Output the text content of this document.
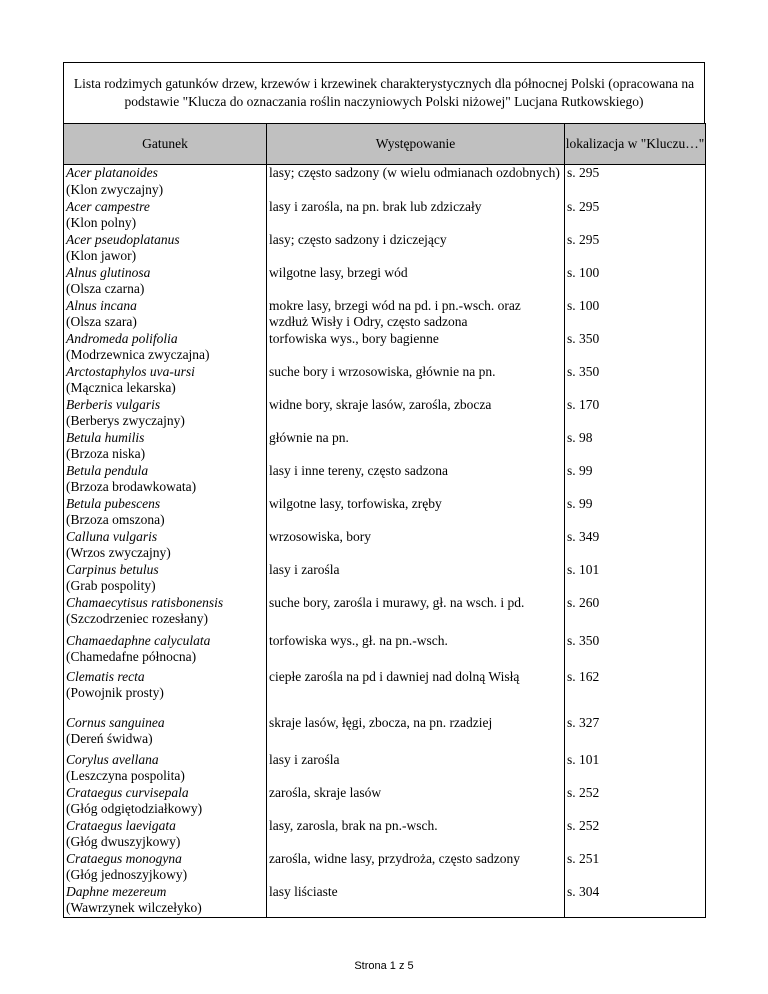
Lista rodzimych gatunków drzew, krzewów i krzewinek charakterystycznych dla północnej Polski (opracowana na podstawie "Klucza do oznaczania roślin naczyniowych Polski niżowej" Lucjana Rutkowskiego)
Gatunek	Występowanie	lokalizacja w "Kluczu…"

Acer platanoides
(Klon zwyczajny)	lasy; często sadzony (w wielu odmianach ozdobnych)	s. 295

Acer campestre
(Klon polny)	lasy i zarośla, na pn. brak lub zdziczały	s. 295

Acer pseudoplatanus
(Klon jawor)	lasy; często sadzony i dziczejący	s. 295

Alnus glutinosa
(Olsza czarna)	wilgotne lasy, brzegi wód	s. 100

Alnus incana
(Olsza szara)	mokre lasy, brzegi wód na pd. i pn.-wsch. oraz wzdłuż Wisły i Odry, często sadzona	s. 100

Andromeda polifolia
(Modrzewnica zwyczajna)	torfowiska wys., bory bagienne	s. 350

Arctostaphylos uva-ursi
(Mącznica lekarska)	suche bory i wrzosowiska, głównie na pn.	s. 350

Berberis vulgaris
(Berberys zwyczajny)	widne bory, skraje lasów, zarośla, zbocza	s. 170

Betula humilis
(Brzoza niska)	głównie na pn.	s. 98

Betula pendula
(Brzoza brodawkowata)	lasy i inne tereny, często sadzona	s. 99

Betula pubescens
(Brzoza omszona)	wilgotne lasy, torfowiska, zręby	s. 99

Calluna vulgaris
(Wrzos zwyczajny)	wrzosowiska, bory	s. 349

Carpinus betulus
(Grab pospolity)	lasy i zarośla	s. 101

Chamaecytisus ratisbonensis
(Szczodrzeniec rozesłany)	suche bory, zarośla i murawy, gł. na wsch. i pd.	s. 260

Chamaedaphne calyculata
(Chamedafne północna)	torfowiska wys., gł. na pn.-wsch.	s. 350

Clematis recta
(Powojnik prosty)	ciepłe zarośla na pd i dawniej nad dolną Wisłą	s. 162

Cornus sanguinea
(Dereń świdwa)	skraje lasów, łęgi, zbocza, na pn. rzadziej	s. 327

Corylus avellana
(Leszczyna pospolita)	lasy i zarośla	s. 101

Crataegus curvisepala
(Głóg odgiętodziałkowy)	zarośla, skraje lasów	s. 252

Crataegus laevigata
(Głóg dwuszyjkowy)	lasy, zarosla, brak na pn.-wsch.	s. 252

Crataegus monogyna
(Głóg jednoszyjkowy)	zarośla, widne lasy, przydroża, często sadzony	s. 251

Daphne mezereum
(Wawrzynek wilczełyko)	lasy liściaste	s. 304
Strona 1 z 5
